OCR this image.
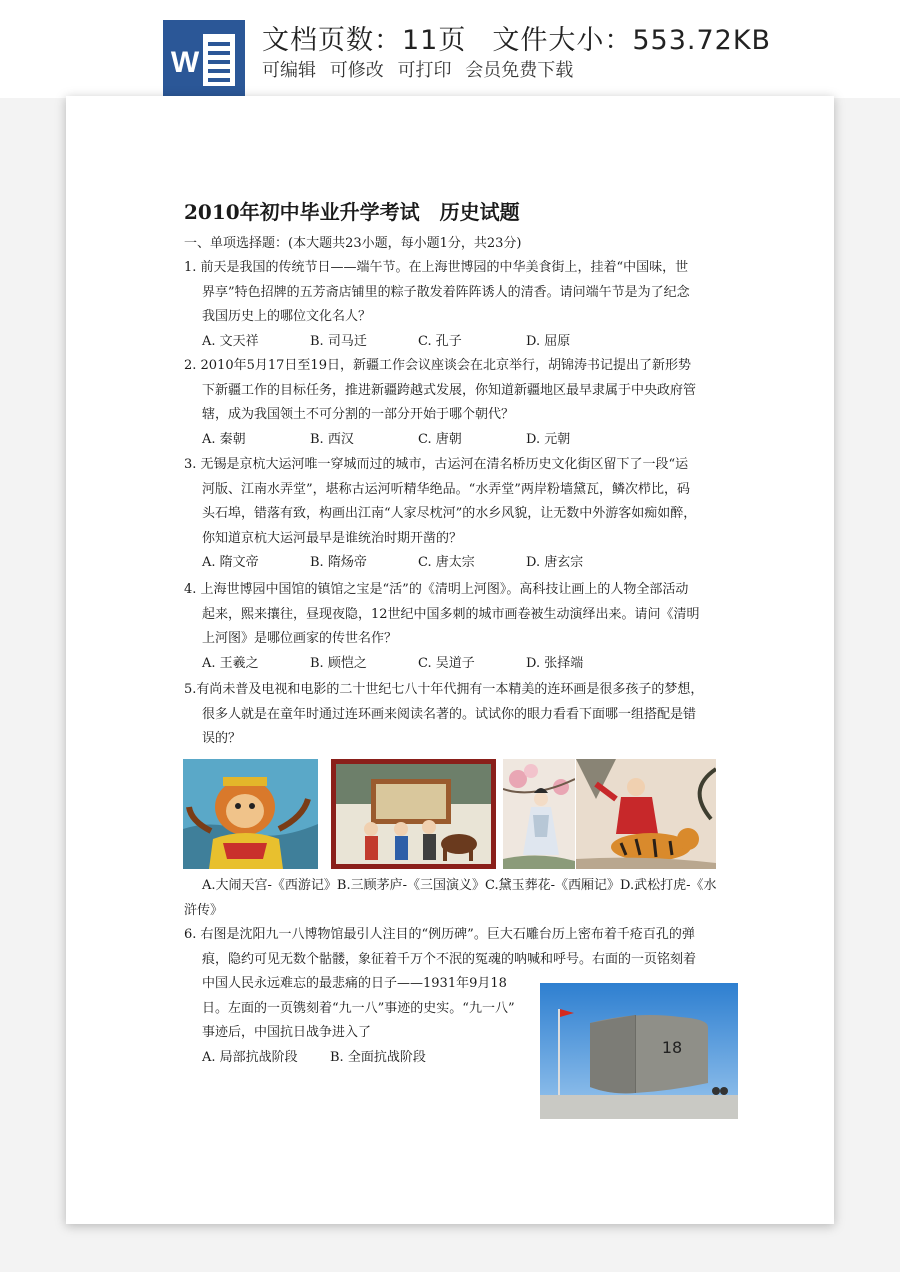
W
文档页数：11页 文件大小：553.72KB
可编辑 可修改 可打印 会员免费下载
2010年初中毕业升学考试　历史试题
一、单项选择题：(本大题共23小题，每小题1分，共23分)
1. 前天是我国的传统节日——端午节。在上海世博园的中华美食街上，挂着“中国味，世
界享”特色招牌的五芳斋店铺里的粽子散发着阵阵诱人的清香。请问端午节是为了纪念
我国历史上的哪位文化名人？
A. 文天祥	B. 司马迁	C. 孔子	D. 屈原
2. 2010年5月17日至19日，新疆工作会议座谈会在北京举行，胡锦涛书记提出了新形势
下新疆工作的目标任务，推进新疆跨越式发展，你知道新疆地区最早隶属于中央政府管
辖，成为我国领土不可分割的一部分开始于哪个朝代？
A. 秦朝	B. 西汉	C. 唐朝	D. 元朝
3. 无锡是京杭大运河唯一穿城而过的城市，古运河在清名桥历史文化街区留下了一段“运
河版、江南水弄堂”，堪称古运河听精华绝品。“水弄堂”两岸粉墙黛瓦，鳞次栉比，码
头石埠，错落有致，构画出江南“人家尽枕河”的水乡风貌，让无数中外游客如痴如醉，
你知道京杭大运河最早是谁统治时期开凿的？
A. 隋文帝	B. 隋炀帝	C. 唐太宗	D. 唐玄宗
4. 上海世博园中国馆的镇馆之宝是“活”的《清明上河图》。高科技让画上的人物全部活动
起来，熙来攘往，昼现夜隐，12世纪中国多刺的城市画卷被生动演绎出来。请问《清明
上河图》是哪位画家的传世名作？
A. 王羲之	B. 顾恺之	C. 吴道子	D. 张择端
5.有尚未普及电视和电影的二十世纪七八十年代拥有一本精美的连环画是很多孩子的梦想，
很多人就是在童年时通过连环画来阅读名著的。试试你的眼力看看下面哪一组搭配是错
误的？
A.大闹天宫-《西游记》B.三顾茅庐-《三国演义》C.黛玉葬花-《西厢记》D.武松打虎-《水
浒传》
6. 右图是沈阳九一八博物馆最引人注目的“例历碑”。巨大石雕台历上密布着千疮百孔的弹
痕，隐约可见无数个骷髅，象征着千万个不泯的冤魂的呐喊和呼号。右面的一页铭刻着
中国人民永远难忘的最悲痛的日子——1931年9月18
日。左面的一页镌刻着“九一八”事迹的史实。“九一八”
事迹后，中国抗日战争进入了
A. 局部抗战阶段	B. 全面抗战阶段	18
